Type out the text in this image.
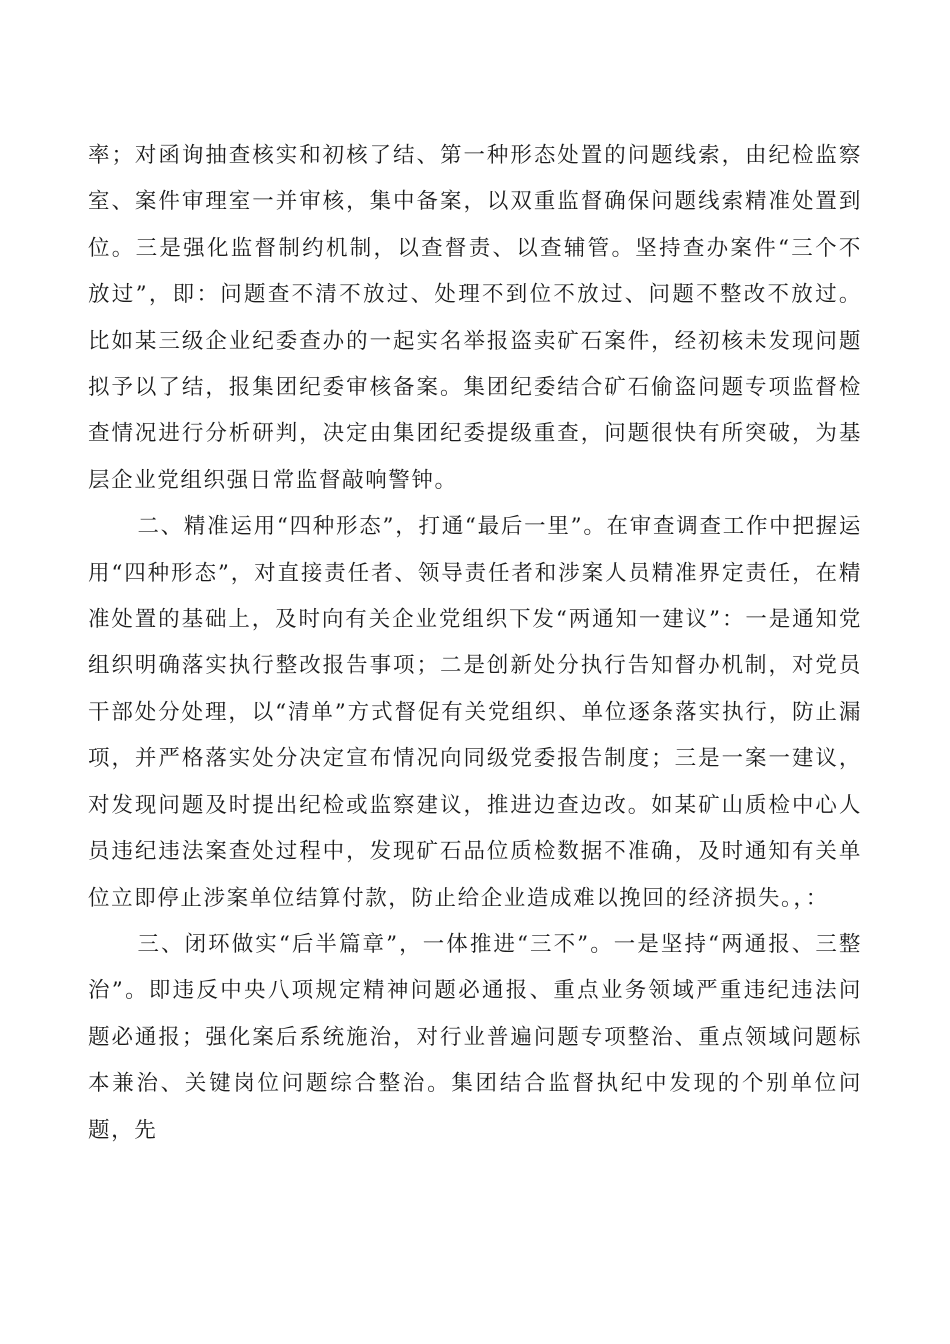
率；对函询抽查核实和初核了结、第一种形态处置的问题线索，由纪检监察室、案件审理室一并审核，集中备案，以双重监督确保问题线索精准处置到位。三是强化监督制约机制，以查督责、以查辅管。坚持查办案件“三个不放过”，即：问题查不清不放过、处理不到位不放过、问题不整改不放过。比如某三级企业纪委查办的一起实名举报盗卖矿石案件，经初核未发现问题拟予以了结，报集团纪委审核备案。集团纪委结合矿石偷盗问题专项监督检查情况进行分析研判，决定由集团纪委提级重查，问题很快有所突破，为基层企业党组织强日常监督敲响警钟。

二、精准运用“四种形态”，打通“最后一里”。在审查调查工作中把握运用“四种形态”，对直接责任者、领导责任者和涉案人员精准界定责任，在精准处置的基础上，及时向有关企业党组织下发“两通知一建议”：一是通知党组织明确落实执行整改报告事项；二是创新处分执行告知督办机制，对党员干部处分处理，以“清单”方式督促有关党组织、单位逐条落实执行，防止漏项，并严格落实处分决定宣布情况向同级党委报告制度；三是一案一建议，对发现问题及时提出纪检或监察建议，推进边查边改。如某矿山质检中心人员违纪违法案查处过程中，发现矿石品位质检数据不准确，及时通知有关单位立即停止涉案单位结算付款，防止给企业造成难以挽回的经济损失。，：

三、闭环做实“后半篇章”，一体推进“三不”。一是坚持“两通报、三整治”。即违反中央八项规定精神问题必通报、重点业务领域严重违纪违法问题必通报；强化案后系统施治，对行业普遍问题专项整治、重点领域问题标本兼治、关键岗位问题综合整治。集团结合监督执纪中发现的个别单位问题，先
